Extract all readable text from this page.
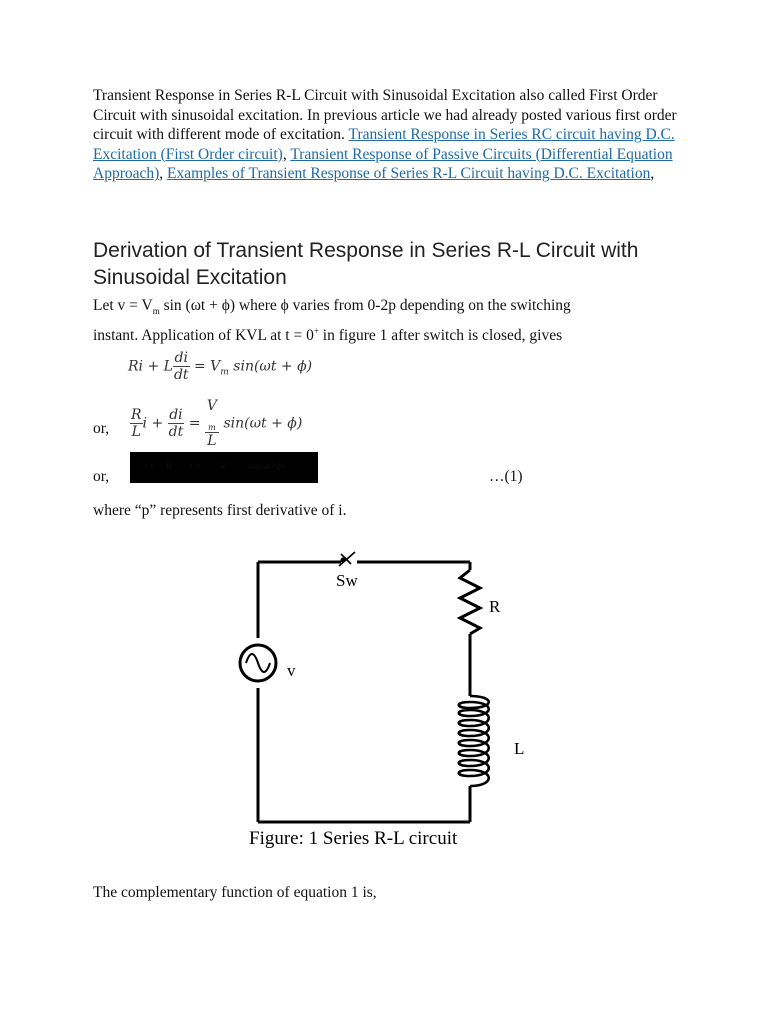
Transient Response in Series R-L Circuit with Sinusoidal Excitation also called First Order Circuit with sinusoidal excitation. In previous article we had already posted various first order circuit with different mode of excitation. Transient Response in Series RC circuit having D.C. Excitation (First Order circuit), Transient Response of Passive Circuits (Differential Equation Approach), Examples of Transient Response of Series R-L Circuit having D.C. Excitation,

Derivation of Transient Response in Series R-L Circuit with Sinusoidal Excitation

Let $v = V_m$ sin (ωt + ϕ) where ϕ varies from 0-2p depending on the switching
instant. Application of KVL at t = 0+ in figure 1 after switch is closed, gives

Ri + L $\frac{di}{dt} = V_m$ sin(ωt + ϕ)
or, $\frac{R}{L}$ $i + \frac{di}{dt} = V$
$_m$
L sin(ωt + ϕ)
or,
i + R i = V	sin(ωt+ϕ)
…(1)

where “p” represents first derivative of i.

Sw
R
v
L
Figure: 1 Series R-L circuit

The complementary function of equation 1 is,
